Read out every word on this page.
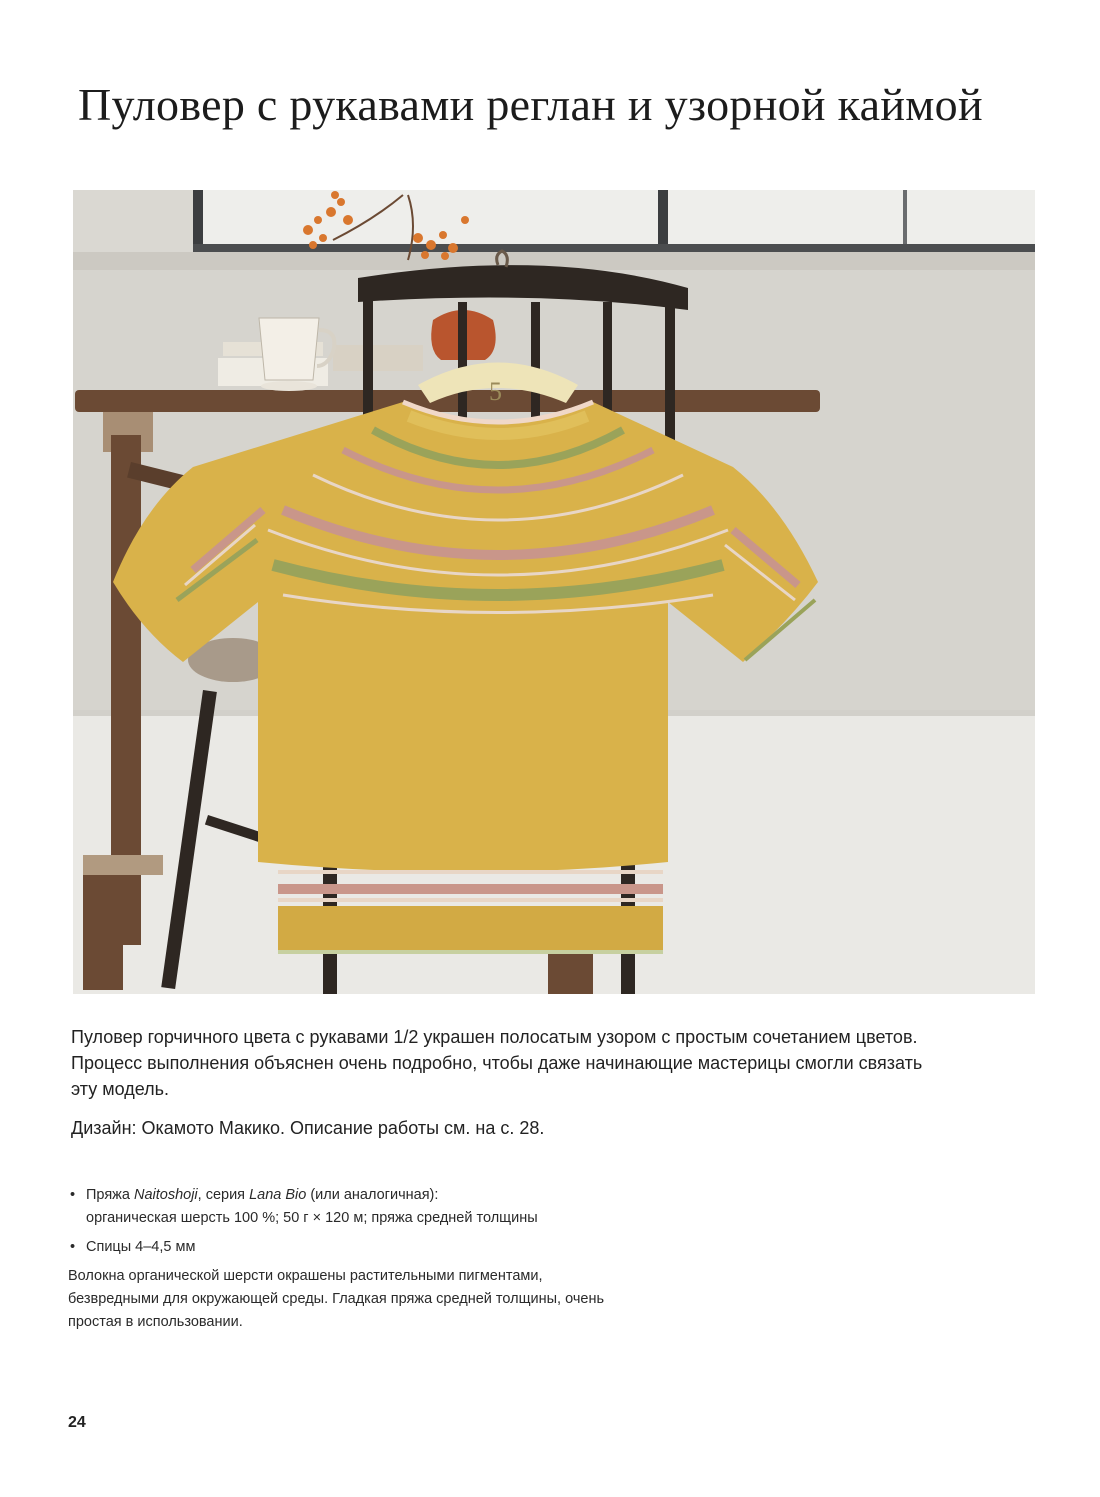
Пуловер с рукавами реглан и узорной каймой
5
Пуловер горчичного цвета с рукавами 1/2 украшен полосатым узором с простым сочетанием цветов. Процесс выполнения объяснен очень подробно, чтобы даже начинающие мастерицы смогли связать эту модель.
Дизайн: Окамото Макико. Описание работы см. на с. 28.
• Пряжа Naitoshoji, серия Lana Bio (или аналогичная):
органическая шерсть 100 %; 50 г × 120 м; пряжа средней толщины
• Спицы 4–4,5 мм
Волокна органической шерсти окрашены растительными пигментами, безвредными для окружающей среды. Гладкая пряжа средней толщины, очень простая в использовании.
24
